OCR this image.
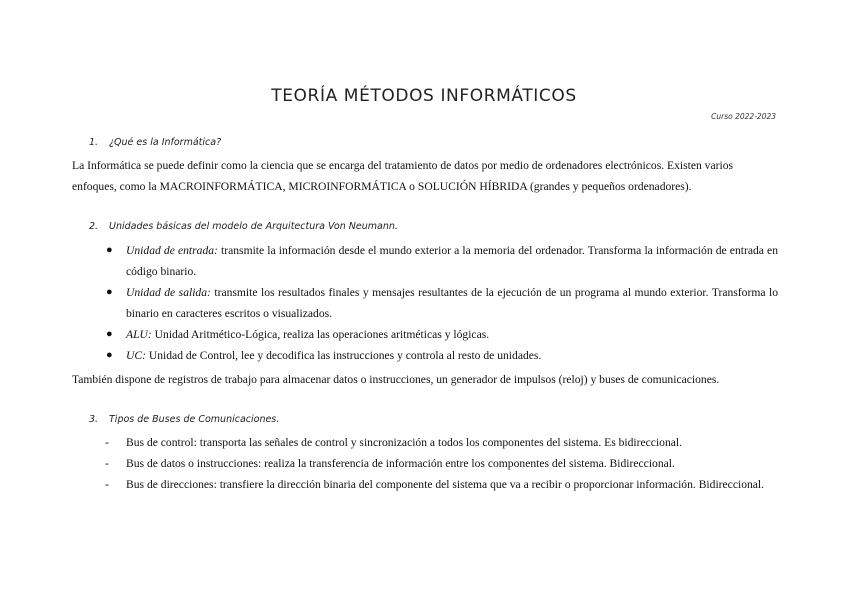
TEORÍA MÉTODOS INFORMÁTICOS
Curso 2022-2023
1. ¿Qué es la Informática?
La Informática se puede definir como la ciencia que se encarga del tratamiento de datos por medio de ordenadores electrónicos. Existen varios
enfoques, como la MACROINFORMÁTICA, MICROINFORMÁTICA o SOLUCIÓN HÍBRIDA (grandes y pequeños ordenadores).
2. Unidades básicas del modelo de Arquitectura Von Neumann.
● Unidad de entrada: transmite la información desde el mundo exterior a la memoria del ordenador. Transforma la información de entrada en código binario.
● Unidad de salida: transmite los resultados finales y mensajes resultantes de la ejecución de un programa al mundo exterior. Transforma lo binario en caracteres escritos o visualizados.
● ALU: Unidad Aritmético-Lógica, realiza las operaciones aritméticas y lógicas.
● UC: Unidad de Control, lee y decodifica las instrucciones y controla al resto de unidades.
También dispone de registros de trabajo para almacenar datos o instrucciones, un generador de impulsos (reloj) y buses de comunicaciones.
3. Tipos de Buses de Comunicaciones.
- Bus de control: transporta las señales de control y sincronización a todos los componentes del sistema. Es bidireccional.
- Bus de datos o instrucciones: realiza la transferencia de información entre los componentes del sistema. Bidireccional.
- Bus de direcciones: transfiere la dirección binaria del componente del sistema que va a recibir o proporcionar información. Bidireccional.
